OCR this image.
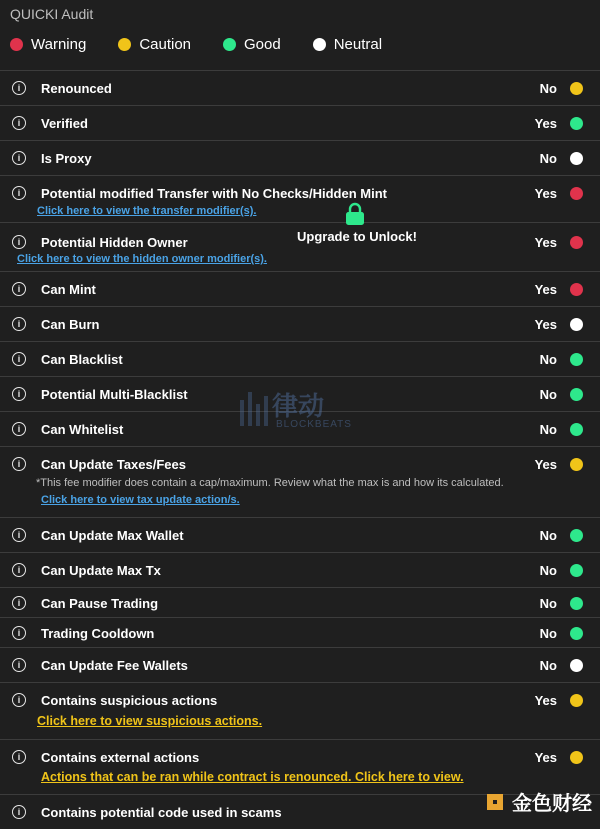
QUICKI Audit
Warning	Caution	Good	Neutral
i	Renounced	No
i	Verified	Yes
i	Is Proxy	No
i	Potential modified Transfer with No Checks/Hidden Mint	Yes
Click here to view the transfer modifier(s).
i	Potential Hidden Owner	Yes
Click here to view the hidden owner modifier(s).
i	Can Mint	Yes
i	Can Burn	Yes
i	Can Blacklist	No
i	Potential Multi-Blacklist	No
i	Can Whitelist	No
i	Can Update Taxes/Fees	Yes
*This fee modifier does contain a cap/maximum. Review what the max is and how its calculated.
Click here to view tax update action/s.
i	Can Update Max Wallet	No
i	Can Update Max Tx	No
i	Can Pause Trading	No
i	Trading Cooldown	No
i	Can Update Fee Wallets	No
i	Contains suspicious actions	Yes
Click here to view suspicious actions.
i	Contains external actions	Yes
Actions that can be ran while contract is renounced. Click here to view.
i	Contains potential code used in scams
Upgrade to Unlock!
律动
BLOCKBEATS
金色财经
